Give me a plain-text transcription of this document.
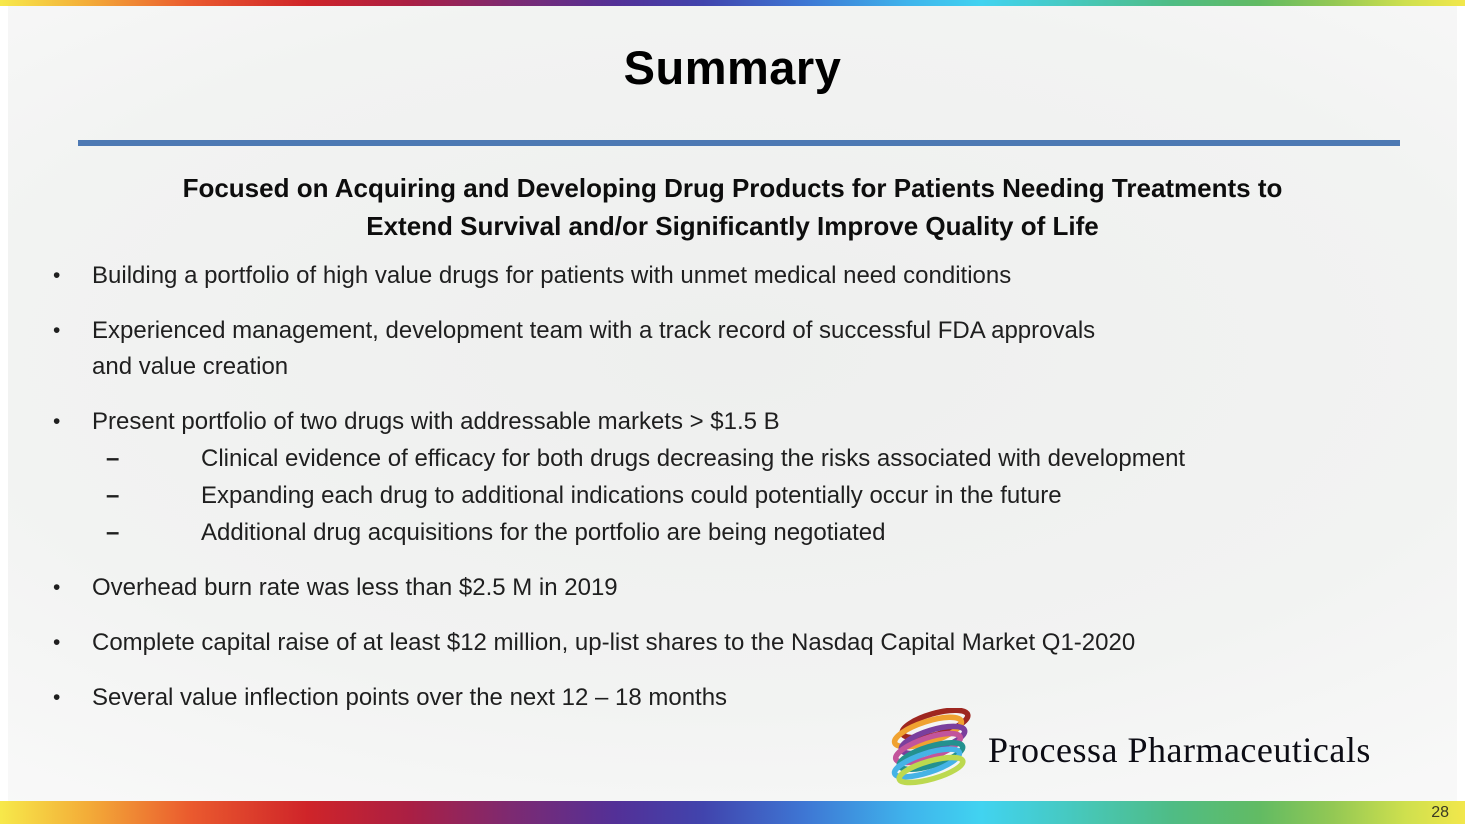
Summary
Focused on Acquiring and Developing Drug Products for Patients Needing Treatments to
Extend Survival and/or Significantly Improve Quality of Life
•	Building a portfolio of high value drugs for patients with unmet medical need conditions
•	Experienced management, development team with a track record of successful FDA approvals
and value creation
•	Present portfolio of two drugs with addressable markets > $1.5 B
–	Clinical evidence of efficacy for both drugs decreasing the risks associated with development
–	Expanding each drug to additional indications could potentially occur in the future
–	Additional drug acquisitions for the portfolio are being negotiated
•	Overhead burn rate was less than $2.5 M in 2019
•	Complete capital raise of at least $12 million, up-list shares to the Nasdaq Capital Market Q1-2020
•	Several value inflection points over the next 12 – 18 months
Processa Pharmaceuticals
28
